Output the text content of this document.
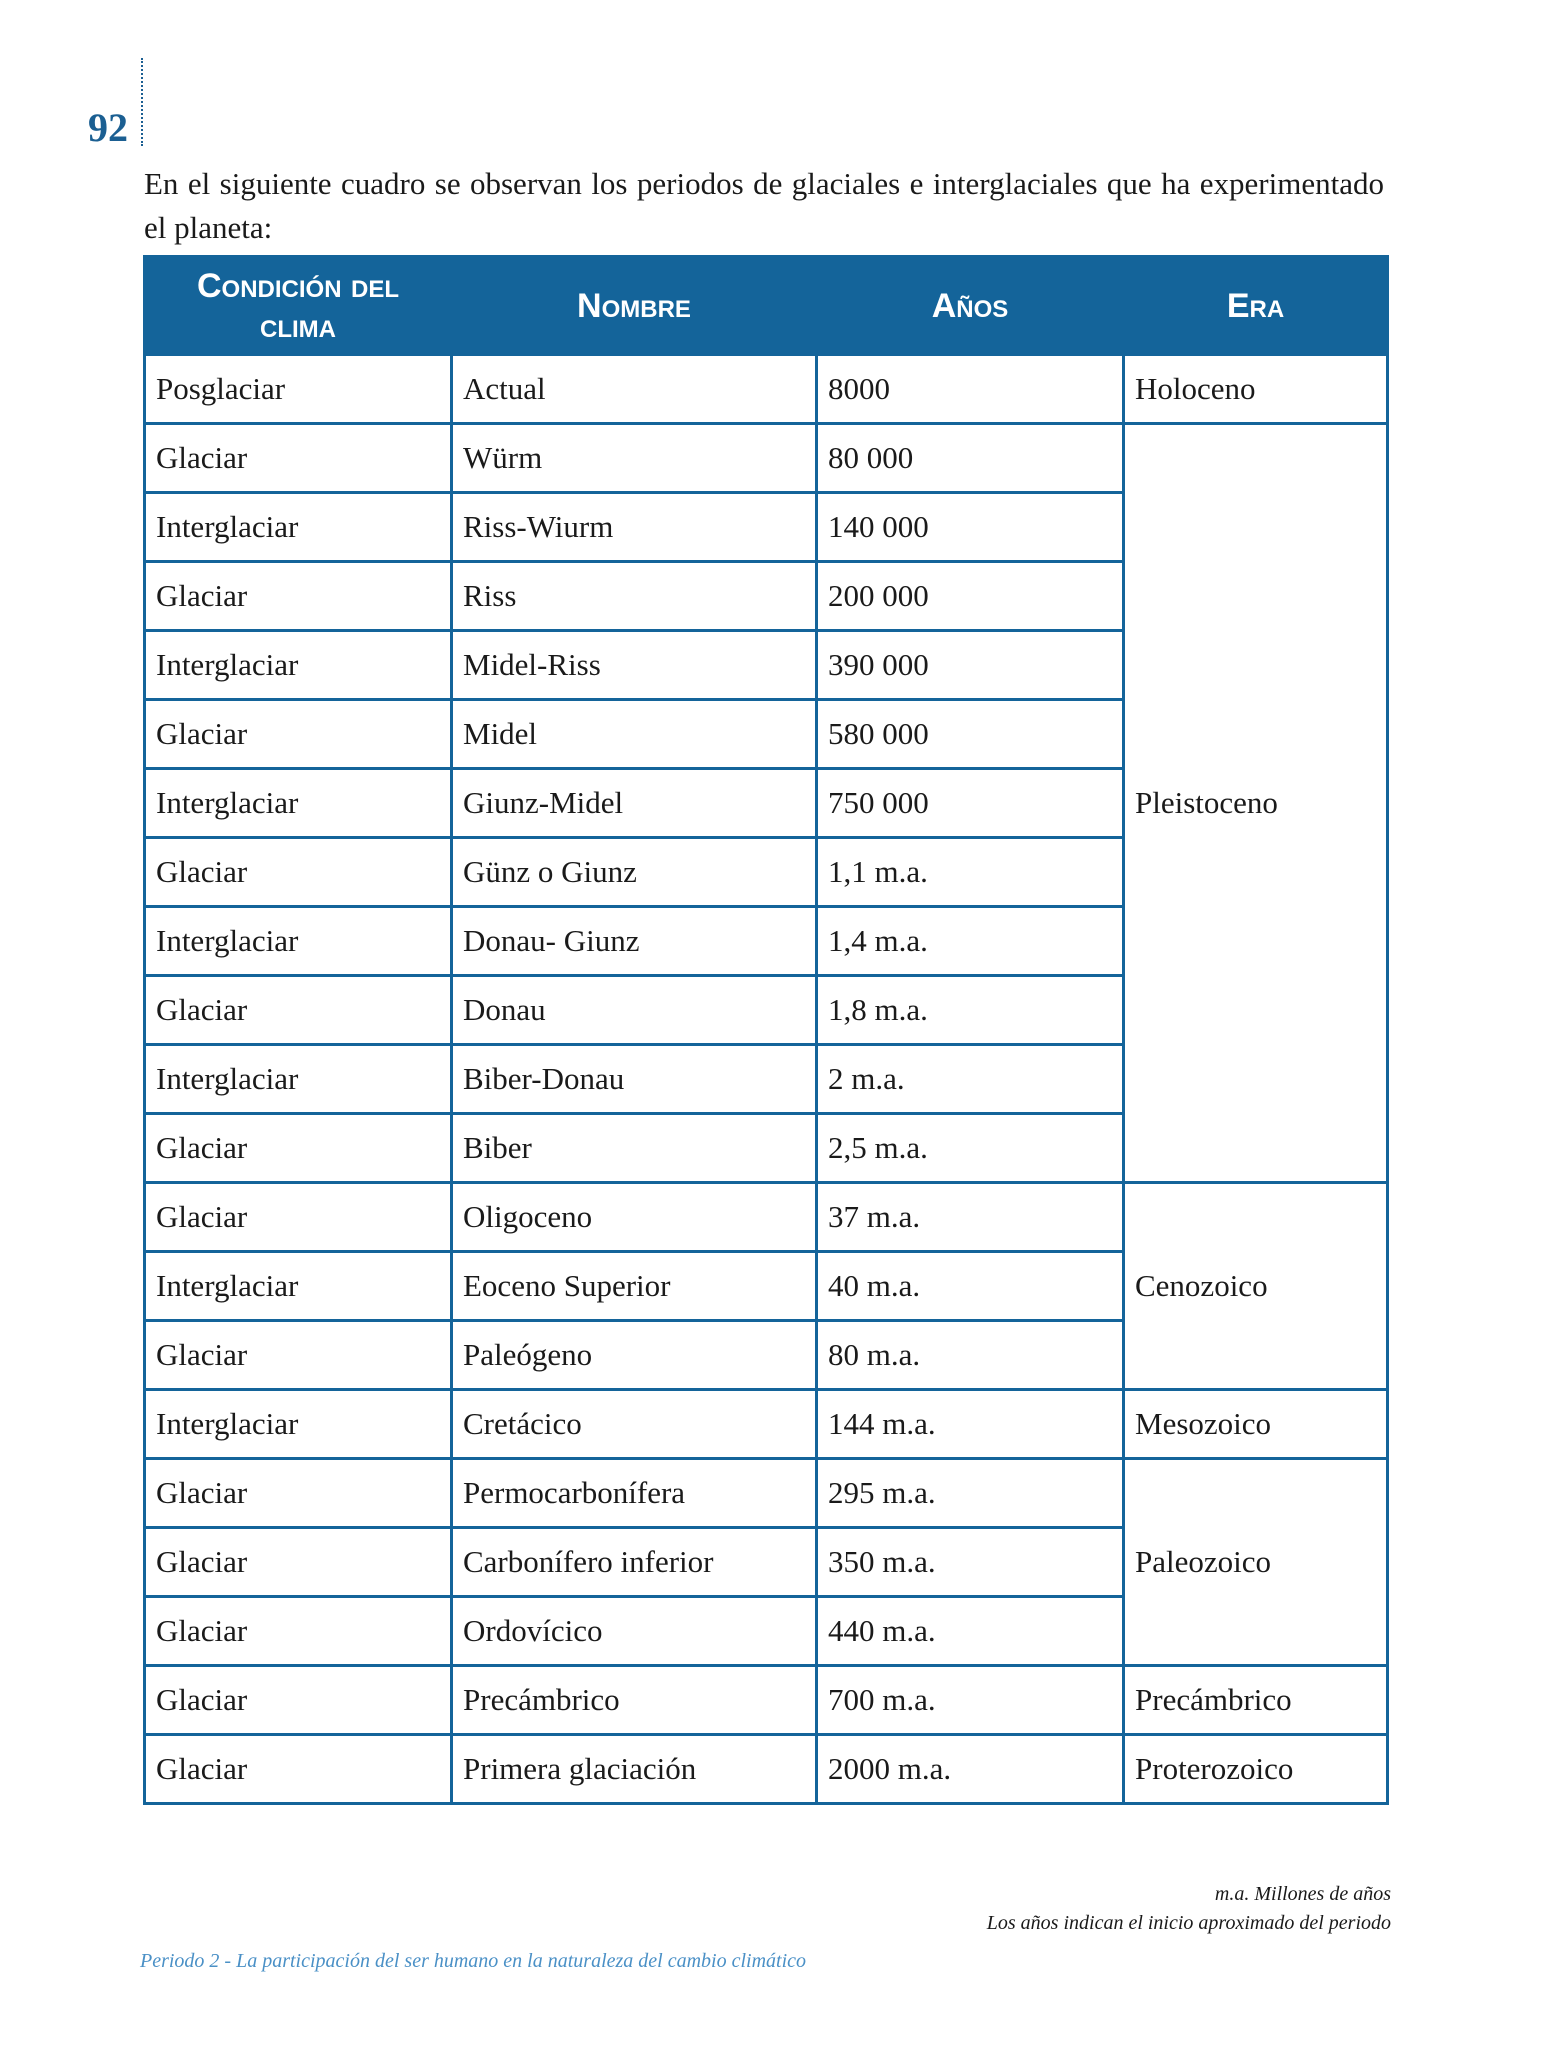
92

En el siguiente cuadro se observan los periodos de glaciales e interglaciales que ha experimentado el planeta:

Condición del clima	Nombre	Años	Era
Posglaciar	Actual	8000	Holoceno
Glaciar	Würm	80 000	Pleistoceno
Interglaciar	Riss-Wiurm	140 000	
Glaciar	Riss	200 000	
Interglaciar	Midel-Riss	390 000	
Glaciar	Midel	580 000	
Interglaciar	Giunz-Midel	750 000	
Glaciar	Günz o Giunz	1,1 m.a.	
Interglaciar	Donau- Giunz	1,4 m.a.	
Glaciar	Donau	1,8 m.a.	
Interglaciar	Biber-Donau	2 m.a.	
Glaciar	Biber	2,5 m.a.	
Glaciar	Oligoceno	37 m.a.	Cenozoico
Interglaciar	Eoceno Superior	40 m.a.	
Glaciar	Paleógeno	80 m.a.	
Interglaciar	Cretácico	144 m.a.	Mesozoico
Glaciar	Permocarbonífera	295 m.a.	Paleozoico
Glaciar	Carbonífero inferior	350 m.a.	
Glaciar	Ordovícico	440 m.a.	
Glaciar	Precámbrico	700 m.a.	Precámbrico
Glaciar	Primera glaciación	2000 m.a.	Proterozoico
m.a. Millones de años
Los años indican el inicio aproximado del periodo
Periodo 2 - La participación del ser humano en la naturaleza del cambio climático
